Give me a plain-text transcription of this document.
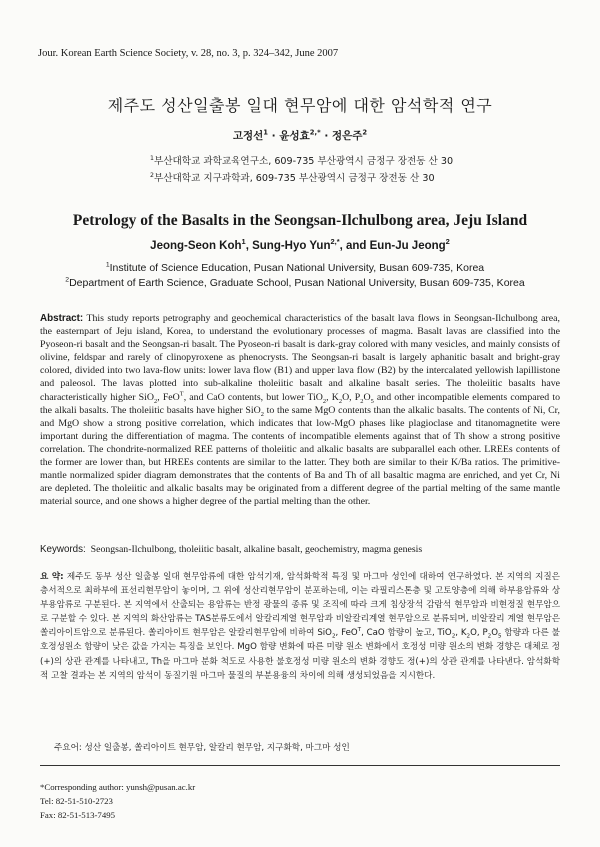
Jour. Korean Earth Science Society, v. 28, no. 3, p. 324–342, June 2007
제주도 성산일출봉 일대 현무암에 대한 암석학적 연구
고정선$^1$ · 윤성효$^{2,*}$ · 정은주$^2$
$^1$부산대학교 과학교육연구소, 609-735 부산광역시 금정구 장전동 산 30
$^2$부산대학교 지구과학과, 609-735 부산광역시 금정구 장전동 산 30
Petrology of the Basalts in the Seongsan-Ilchulbong area, Jeju Island
Jeong-Seon Koh$^1$, Sung-Hyo Yun$^{2,*}$, and Eun-Ju Jeong$^2$
$^1$Institute of Science Education, Pusan National University, Busan 609-735, Korea
$^2$Department of Earth Science, Graduate School, Pusan National University, Busan 609-735, Korea
Abstract: This study reports petrography and geochemical characteristics of the basalt lava flows in Seongsan-Ilchulbong area, the easternpart of Jeju island, Korea, to understand the evolutionary processes of magma. Basalt lavas are classified into the Pyoseon-ri basalt and the Seongsan-ri basalt. The Pyoseon-ri basalt is dark-gray colored with many vesicles, and mainly consists of olivine, feldspar and rarely of clinopyroxene as phenocrysts. The Seongsan-ri basalt is largely aphanitic basalt and bright-gray colored, divided into two lava-flow units: lower lava flow (B1) and upper lava flow (B2) by the intercalated yellowish lapillistone and paleosol. The lavas plotted into sub-alkaline tholeiitic basalt and alkaline basalt series. The tholeiitic basalts have characteristically higher SiO$_2$, FeO$^T$, and CaO contents, but lower TiO$_2$, $K_2O$, $P_2O_5$ and other incompatible elements compared to the alkali basalts. The tholeiitic basalts have higher SiO$_2$ to the same MgO contents than the alkalic basalts. The contents of Ni, Cr, and MgO show a strong positive correlation, which indicates that low-MgO phases like plagioclase and titanomagnetite were important during the differentiation of magma. The contents of incompatible elements against that of Th show a strong positive correlation. The chondrite-normalized REE patterns of tholeiitic and alkalic basalts are subparallel each other. LREEs contents of the former are lower than, but HREEs contents are similar to the latter. They both are similar to their K/Ba ratios. The primitive-mantle normalized spider diagram demonstrates that the contents of Ba and Th of all basaltic magma are enriched, and yet Cr, Ni are depleted. The tholeiitic and alkalic basalts may be originated from a different degree of the partial melting of the same mantle material source, and one shows a higher degree of the partial melting than the other.
Keywords: Seongsan-Ilchulbong, tholeiitic basalt, alkaline basalt, geochemistry, magma genesis
요 약: 제주도 동부 성산 일출봉 일대 현무암류에 대한 암석기재, 암석화학적 특징 및 마그마 성인에 대하여 연구하였다. 본 지역의 지질은 층서적으로 최하부에 표선리현무암이 놓이며, 그 위에 성산리현무암이 분포하는데, 이는 라필리스톤층 및 고토양층에 의해 하부용암류와 상부용암류로 구분된다. 본 지역에서 산출되는 용암류는 반정 광물의 종류 및 조직에 따라 크게 침상장석 감람석 현무암과 비현정질 현무암으로 구분할 수 있다. 본 지역의 화산암류는 TAS분류도에서 알칼리계열 현무암과 비알칼리계열 현무암으로 분류되며, 비알칼리 계열 현무암은 쏠리아이트암으로 분류된다. 쏠리아이트 현무암은 알칼리현무암에 비하여 SiO$_2$, FeO$^T$, CaO 함량이 높고, TiO$_2$, $K_2O$, $P_2O_5$ 함량과 다른 불호정성원소 함량이 낮은 값을 가지는 특징을 보인다. MgO 함량 변화에 따른 미량 원소 변화에서 호정성 미량 원소의 변화 경향은 대체로 정(+)의 상관 관계를 나타내고, Th을 마그마 분화 척도로 사용한 불호정성 미량 원소의 변화 경향도 정(+)의 상관 관계를 나타낸다. 암석화학적 고찰 결과는 본 지역의 암석이 동질기원 마그마 물질의 부분용융의 차이에 의해 생성되었음을 지시한다.
주요어: 성산 일출봉, 쏠리아이트 현무암, 알칼리 현무암, 지구화학, 마그마 성인
*Corresponding author: yunsh@pusan.ac.kr
Tel: 82-51-510-2723
Fax: 82-51-513-7495
